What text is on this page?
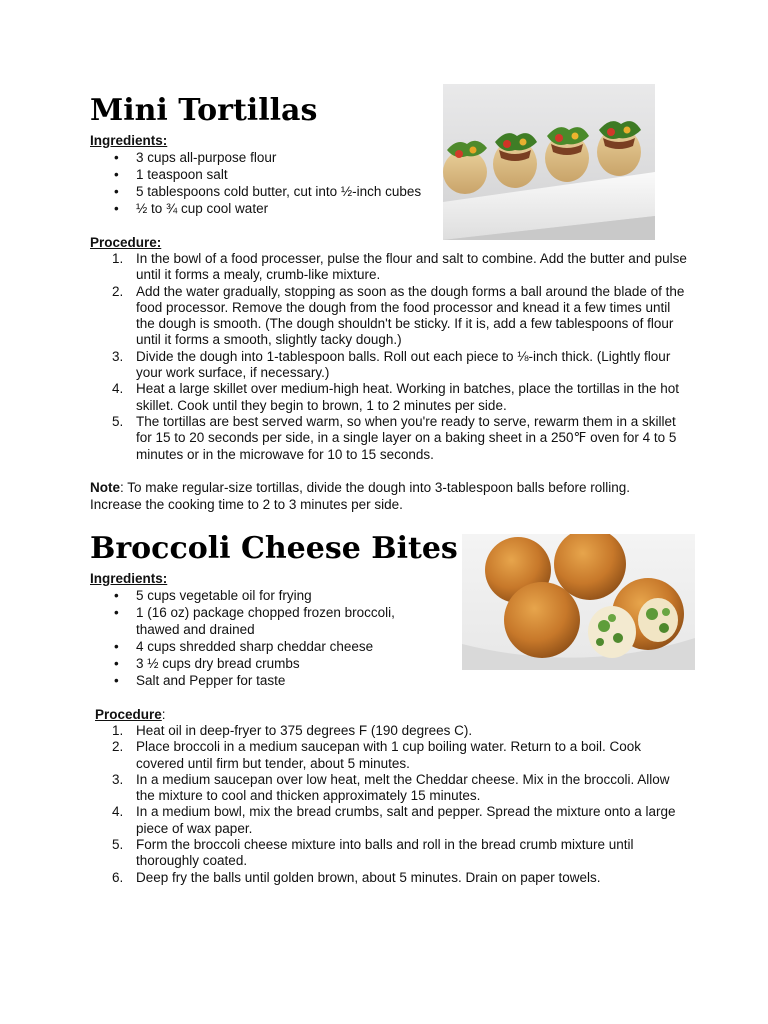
Mini Tortillas

Ingredients:

• 3 cups all-purpose flour
• 1 teaspoon salt
• 5 tablespoons cold butter, cut into ½-inch cubes
• ½ to ¾ cup cool water

Procedure:

1. In the bowl of a food processer, pulse the flour and salt to combine. Add the butter and pulse until it forms a mealy, crumb-like mixture.
2. Add the water gradually, stopping as soon as the dough forms a ball around the blade of the food processor. Remove the dough from the food processor and knead it a few times until the dough is smooth. (The dough shouldn't be sticky. If it is, add a few tablespoons of flour until it forms a smooth, slightly tacky dough.)
3. Divide the dough into 1-tablespoon balls. Roll out each piece to ⅛-inch thick. (Lightly flour your work surface, if necessary.)
4. Heat a large skillet over medium-high heat. Working in batches, place the tortillas in the hot skillet. Cook until they begin to brown, 1 to 2 minutes per side.
5. The tortillas are best served warm, so when you're ready to serve, rewarm them in a skillet for 15 to 20 seconds per side, in a single layer on a baking sheet in a 250℉ oven for 4 to 5 minutes or in the microwave for 10 to 15 seconds.

Note: To make regular-size tortillas, divide the dough into 3-tablespoon balls before rolling. Increase the cooking time to 2 to 3 minutes per side.

Broccoli Cheese Bites

Ingredients:

• 5 cups vegetable oil for frying
• 1 (16 oz) package chopped frozen broccoli, thawed and drained
• 4 cups shredded sharp cheddar cheese
• 3 ½ cups dry bread crumbs
• Salt and Pepper for taste

Procedure:

1. Heat oil in deep-fryer to 375 degrees F (190 degrees C).
2. Place broccoli in a medium saucepan with 1 cup boiling water. Return to a boil. Cook covered until firm but tender, about 5 minutes.
3. In a medium saucepan over low heat, melt the Cheddar cheese. Mix in the broccoli. Allow the mixture to cool and thicken approximately 15 minutes.
4. In a medium bowl, mix the bread crumbs, salt and pepper. Spread the mixture onto a large piece of wax paper.
5. Form the broccoli cheese mixture into balls and roll in the bread crumb mixture until thoroughly coated.
6. Deep fry the balls until golden brown, about 5 minutes. Drain on paper towels.
